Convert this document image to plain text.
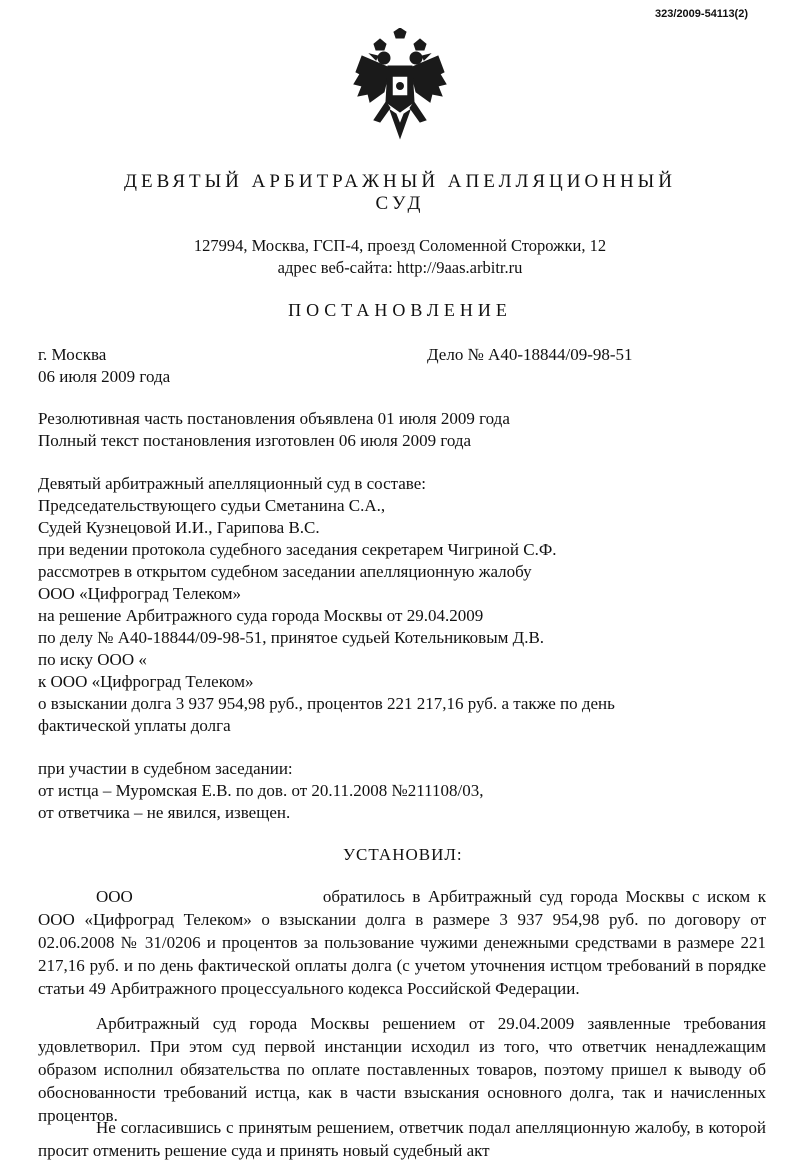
323/2009-54113(2)
ДЕВЯТЫЙ АРБИТРАЖНЫЙ АПЕЛЛЯЦИОННЫЙ
СУД
127994, Москва, ГСП-4, проезд Соломенной Сторожки, 12
адрес веб-сайта: http://9aas.arbitr.ru
ПОСТАНОВЛЕНИЕ
г. Москва
06 июля 2009 года
Дело № А40-18844/09-98-51
Резолютивная часть постановления объявлена 01 июля 2009 года
Полный текст постановления изготовлен 06 июля 2009 года
Девятый арбитражный апелляционный суд в составе:
Председательствующего судьи Сметанина С.А.,
Судей Кузнецовой И.И., Гарипова В.С.
при ведении протокола судебного заседания секретарем Чигриной С.Ф.
рассмотрев в открытом судебном заседании апелляционную жалобу
ООО «Цифроград Телеком»
на решение Арбитражного суда города Москвы от 29.04.2009
по делу № А40-18844/09-98-51, принятое судьей Котельниковым Д.В.
по иску ООО «
к ООО «Цифроград Телеком»
о взыскании долга 3 937 954,98 руб., процентов 221 217,16 руб. а также по день
фактической уплаты долга
при участии в судебном заседании:
от истца – Муромская Е.В. по дов. от 20.11.2008 №211108/03,
от ответчика – не явился, извещен.
УСТАНОВИЛ:
ООО	обратилось в Арбитражный суд города Москвы с иском к ООО «Цифроград Телеком» о взыскании долга в размере 3 937 954,98 руб. по договору от 02.06.2008 № 31/0206 и процентов за пользование чужими денежными средствами в размере 221 217,16 руб. и по день фактической оплаты долга (с учетом уточнения истцом требований в порядке статьи 49 Арбитражного процессуального кодекса Российской Федерации.
Арбитражный суд города Москвы решением от 29.04.2009 заявленные требования удовлетворил. При этом суд первой инстанции исходил из того, что ответчик ненадлежащим образом исполнил обязательства по оплате поставленных товаров, поэтому пришел к выводу об обоснованности требований истца, как в части взыскания основного долга, так и начисленных процентов.
Не согласившись с принятым решением, ответчик подал апелляционную жалобу, в которой просит отменить решение суда и принять новый судебный акт
